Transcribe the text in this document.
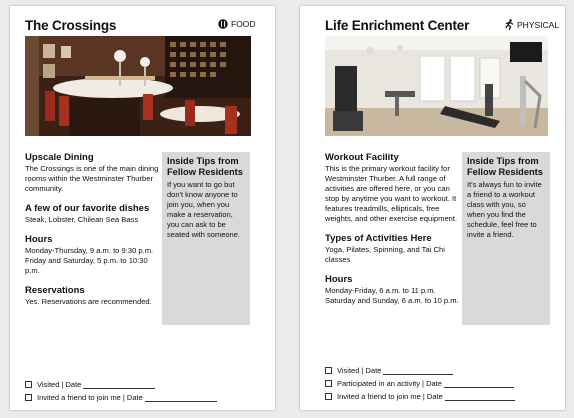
The Crossings	FOOD

Upscale Dining

The Crossings is one of the main dining rooms within the Westminster Thurber community.

A few of our favorite dishes

Steak, Lobster, Chilean Sea Bass

Hours

Monday-Thursday, 9 a.m. to 9:30 p.m. Friday and Saturday, 5 p.m. to 10:30 p.m.

Reservations

Yes. Reservations are recommended.

Inside Tips from Fellow Residents

If you want to go but don't know anyone to join you, when you make a reservation, you can ask to be seated with someone.

Visited | Date
Invited a friend to join me | Date
Life Enrichment Center	PHYSICAL

Workout Facility

This is the primary workout facility for Westminster Thurber. A full range of activities are offered here, or you can stop by anytime you want to workout. It features treadmills, ellipticals, free weights, and other exercise equipment.

Types of Activities Here

Yoga, Pilates, Spinning, and Tai Chi classes

Hours

Monday-Friday, 6 a.m. to 11 p.m. Saturday and Sunday, 6 a.m. to 10 p.m.

Inside Tips from Fellow Residents

It's always fun to invite a friend to a workout class with you, so when you find the schedule, feel free to invite a friend.

Visited | Date
Participated in an activity | Date
Invited a friend to join me | Date
